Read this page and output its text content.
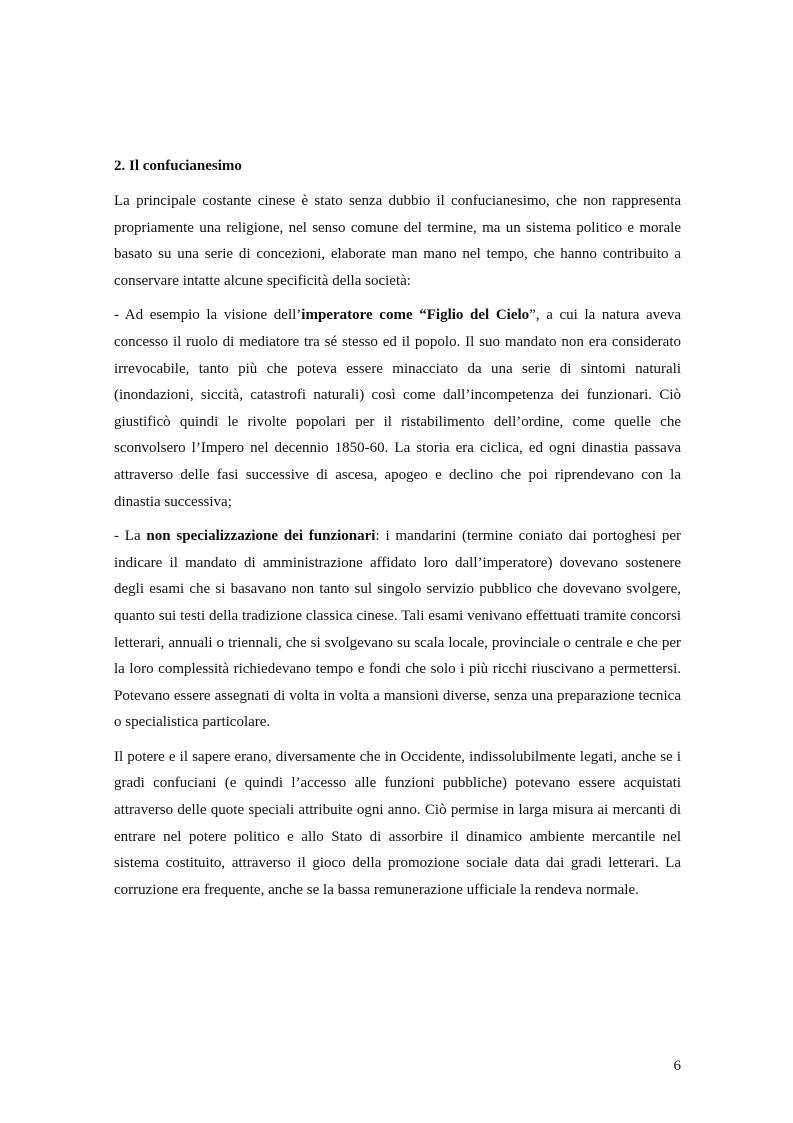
2. Il confucianesimo

La principale costante cinese è stato senza dubbio il confucianesimo, che non rappresenta propriamente una religione, nel senso comune del termine, ma un sistema politico e morale basato su una serie di concezioni, elaborate man mano nel tempo, che hanno contribuito a conservare intatte alcune specificità della società:

- Ad esempio la visione dell’imperatore come “Figlio del Cielo”, a cui la natura aveva concesso il ruolo di mediatore tra sé stesso ed il popolo. Il suo mandato non era considerato irrevocabile, tanto più che poteva essere minacciato da una serie di sintomi naturali (inondazioni, siccità, catastrofi naturali) così come dall’incompetenza dei funzionari. Ciò giustificò quindi le rivolte popolari per il ristabilimento dell’ordine, come quelle che sconvolsero l’Impero nel decennio 1850-60. La storia era ciclica, ed ogni dinastia passava attraverso delle fasi successive di ascesa, apogeo e declino che poi riprendevano con la dinastia successiva;

- La non specializzazione dei funzionari: i mandarini (termine coniato dai portoghesi per indicare il mandato di amministrazione affidato loro dall’imperatore) dovevano sostenere degli esami che si basavano non tanto sul singolo servizio pubblico che dovevano svolgere, quanto sui testi della tradizione classica cinese. Tali esami venivano effettuati tramite concorsi letterari, annuali o triennali, che si svolgevano su scala locale, provinciale o centrale e che per la loro complessità richiedevano tempo e fondi che solo i più ricchi riuscivano a permettersi. Potevano essere assegnati di volta in volta a mansioni diverse, senza una preparazione tecnica o specialistica particolare.

Il potere e il sapere erano, diversamente che in Occidente, indissolubilmente legati, anche se i gradi confuciani (e quindi l’accesso alle funzioni pubbliche) potevano essere acquistati attraverso delle quote speciali attribuite ogni anno. Ciò permise in larga misura ai mercanti di entrare nel potere politico e allo Stato di assorbire il dinamico ambiente mercantile nel sistema costituito, attraverso il gioco della promozione sociale data dai gradi letterari. La corruzione era frequente, anche se la bassa remunerazione ufficiale la rendeva normale.

6
